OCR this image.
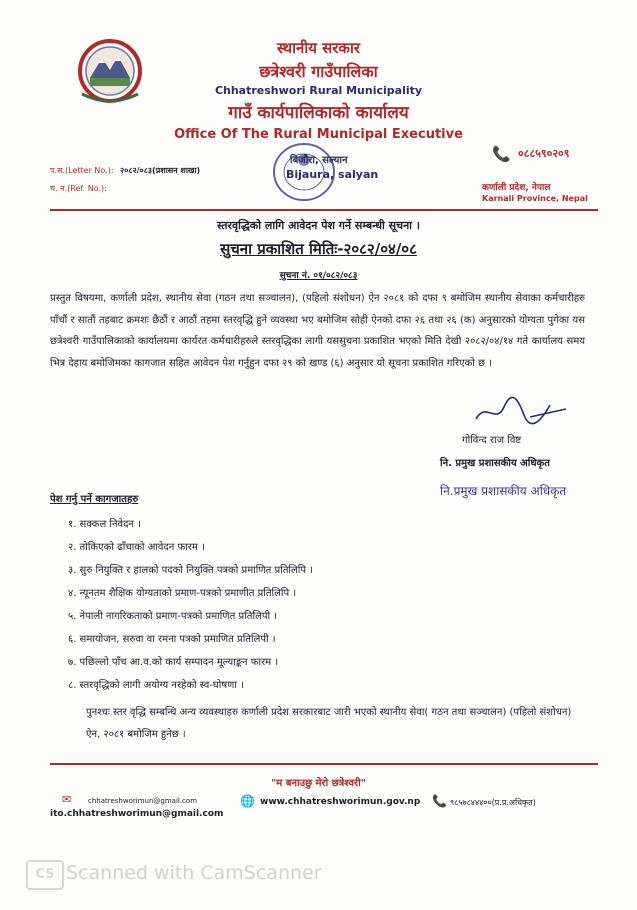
स्थानीय सरकार
छत्रेश्वरी गाउँपालिका
Chhatreshwori Rural Municipality
गाउँ कार्यपालिकाको कार्यालय
Office Of The Rural Municipal Executive
📞 ०८८५९०२०९
कर्णाली प्रदेश, नेपाल
Karnali Province, Nepal
प.स.(Letter No.): २०८२/०८३(प्रशासन शाखा)
च. न.(Ref. No.):
बिजौरा, सल्यान
Bijaura, salyan
स्तरवृद्धिको लागि आवेदन पेश गर्ने सम्बन्धी सूचना ।
सुचना प्रकाशित मितिः-२०८२/०४/०८
सुचना नं. ०१/०८२/०८३
प्रस्तुत विषयमा, कर्णाली प्रदेश, स्थानीय सेवा (गठन तथा सञ्चालन), (पहिलो संशोधन) ऐन २०८१ को दफा ९ बमोजिम स्थानीय सेवाका कर्मचारीहरु पाँचौं र सातौं तहबाट क्रमशः छैठौं र आठौं तहमा स्तरवृद्धि हुने व्यवस्था भए बमोजिम सोही ऐनको दफा २६ तथा २६ (क) अनुसारको योग्यता पुगेका यस छत्रेश्वरी गाउँपालिकाको कार्यालयमा कार्यरत कर्मचारीहरुले स्तरवृद्धिका लागी यससुचना प्रकाशित भएको मिति देखी २०८२/०४/१४ गते कार्यालय समय भित्र देहाय बमोजिमका कागजात सहित आवेदन पेश गर्नुहुन दफा २९ को खण्ड (६) अनुसार यो सूचना प्रकाशित गरिएको छ ।
गोविन्द राज विष्ट
नि. प्रमुख प्रशासकीय अधिकृत
नि.प्रमुख प्रशासकीय अधिकृत
पेश गर्नु पर्ने कागजातहरु
१. सक्कल निवेदन ।
२. तोकिएको ढाँचाको आवेदन फारम ।
३. सुरु नियुक्ति र हालको पदको नियुक्ति पत्रको प्रमाणित प्रतिलिपि ।
४. न्यूनतम शैक्षिक योग्यताको प्रमाण-पत्रको प्रमाणीत प्रतिलिपि ।
५. नेपाली नागरिकताको प्रमाण-पत्रको प्रमाणित प्रतिलिपी ।
६. समायोजन, सरुवा वा रमना पत्रको प्रमाणित प्रतिलिपी ।
७. पछिल्लो पाँच आ.व.को कार्य सम्पादन मूल्याङ्कन फारम ।
८. स्तरवृद्धिको लागी अयोग्य नरहेको स्व-घोषणा ।
पुनश्चः स्तर वृद्धि सम्बन्धि अन्य व्यवस्थाहरु कर्णाली प्रदेश सरकारबाट जारी भएको स्थानीय सेवा( गठन तथा सञ्चालन) (पहिलो संशोधन) ऐन, २०८१ बमोजिम हुनेछ ।
"म बनाउछु मेरो छत्रेश्वरी"
✉ chhatreshworimun@gmail.com
ito.chhatreshworimun@gmail.com
🌐 www.chhatreshworimun.gov.np 📞 ९८५७८४४४००(प्र.प्र.अधिकृत)
CS Scanned with CamScanner
